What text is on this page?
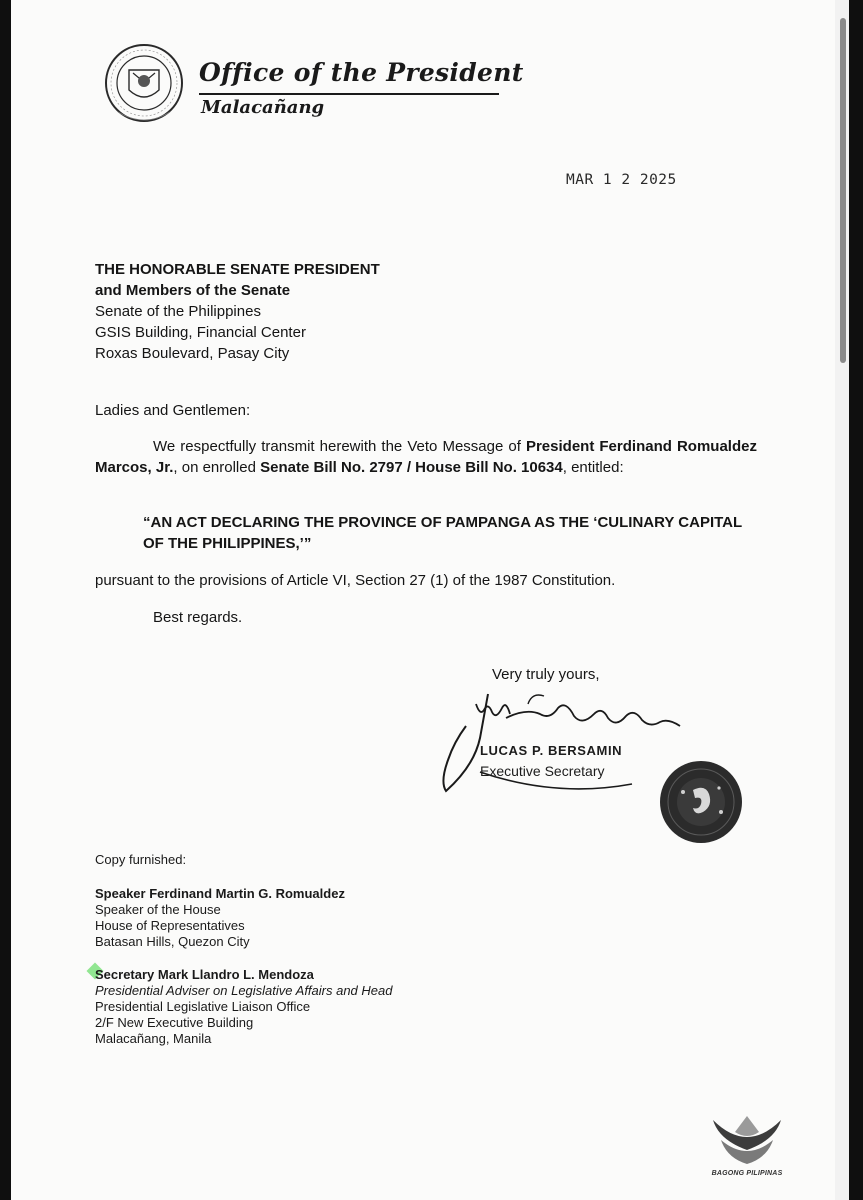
Office of the President
Malacañang
MAR 1 2 2025
THE HONORABLE SENATE PRESIDENT
and Members of the Senate
Senate of the Philippines
GSIS Building, Financial Center
Roxas Boulevard, Pasay City
Ladies and Gentlemen:
We respectfully transmit herewith the Veto Message of President Ferdinand Romualdez Marcos, Jr., on enrolled Senate Bill No. 2797 / House Bill No. 10634, entitled:
“AN ACT DECLARING THE PROVINCE OF PAMPANGA AS THE ‘CULINARY CAPITAL OF THE PHILIPPINES,’”
pursuant to the provisions of Article VI, Section 27 (1) of the 1987 Constitution.
Best regards.
Very truly yours,
LUCAS P. BERSAMIN
Executive Secretary
Copy furnished:
Speaker Ferdinand Martin G. Romualdez
Speaker of the House
House of Representatives
Batasan Hills, Quezon City
Secretary Mark Llandro L. Mendoza
Presidential Adviser on Legislative Affairs and Head
Presidential Legislative Liaison Office
2/F New Executive Building
Malacañang, Manila
BAGONG PILIPINAS
